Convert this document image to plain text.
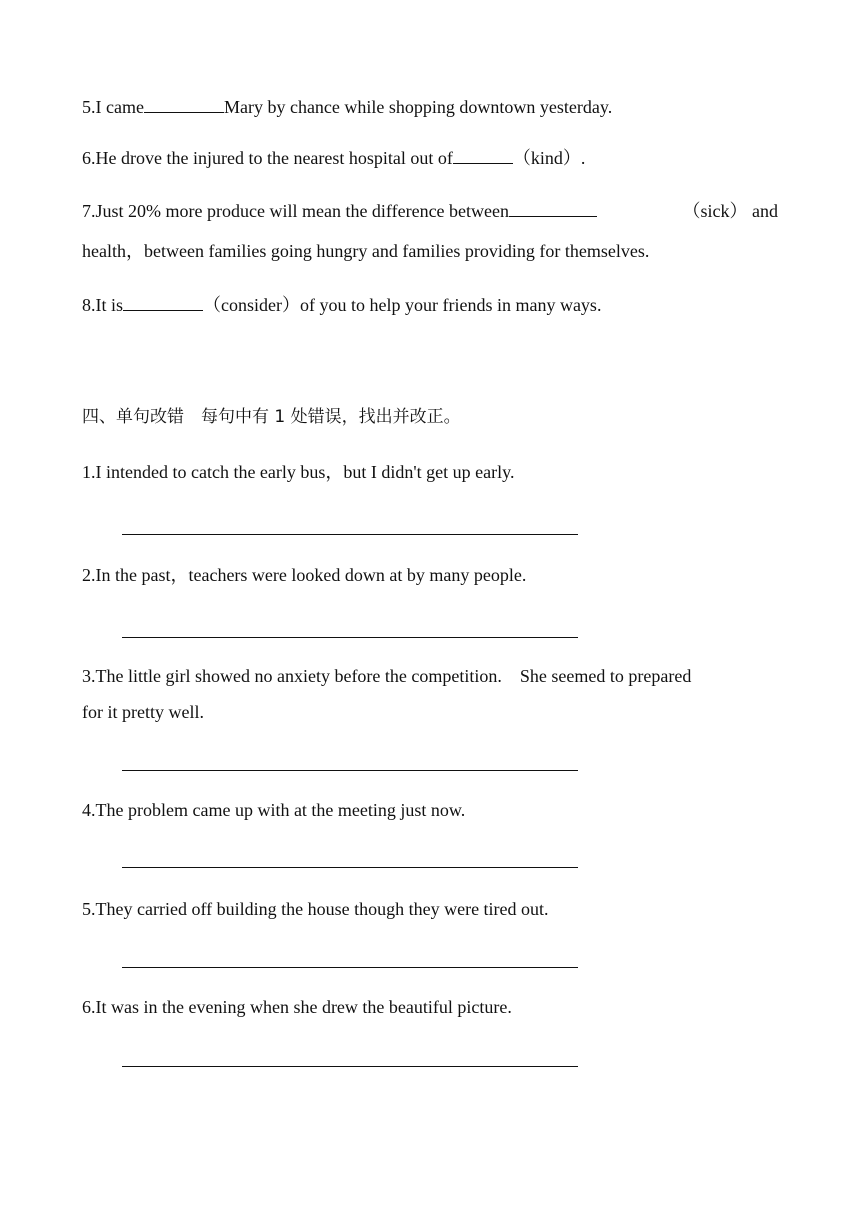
5.I came	Mary by chance while shopping downtown yesterday.
6.He drove the injured to the nearest hospital out of	（kind）.
7.Just 20% more produce will mean the difference between	（sick） and
health，between families going hungry and families providing for themselves.
8.It is	（consider）of you to help your friends in many ways.
四、单句改错　每句中有 1 处错误，找出并改正。
1.I intended to catch the early bus，but I didn't get up early.
2.In the past，teachers were looked down at by many people.
3.The little girl showed no anxiety before the competition.　She seemed to prepared
for it pretty well.
4.The problem came up with at the meeting just now.
5.They carried off building the house though they were tired out.
6.It was in the evening when she drew the beautiful picture.
